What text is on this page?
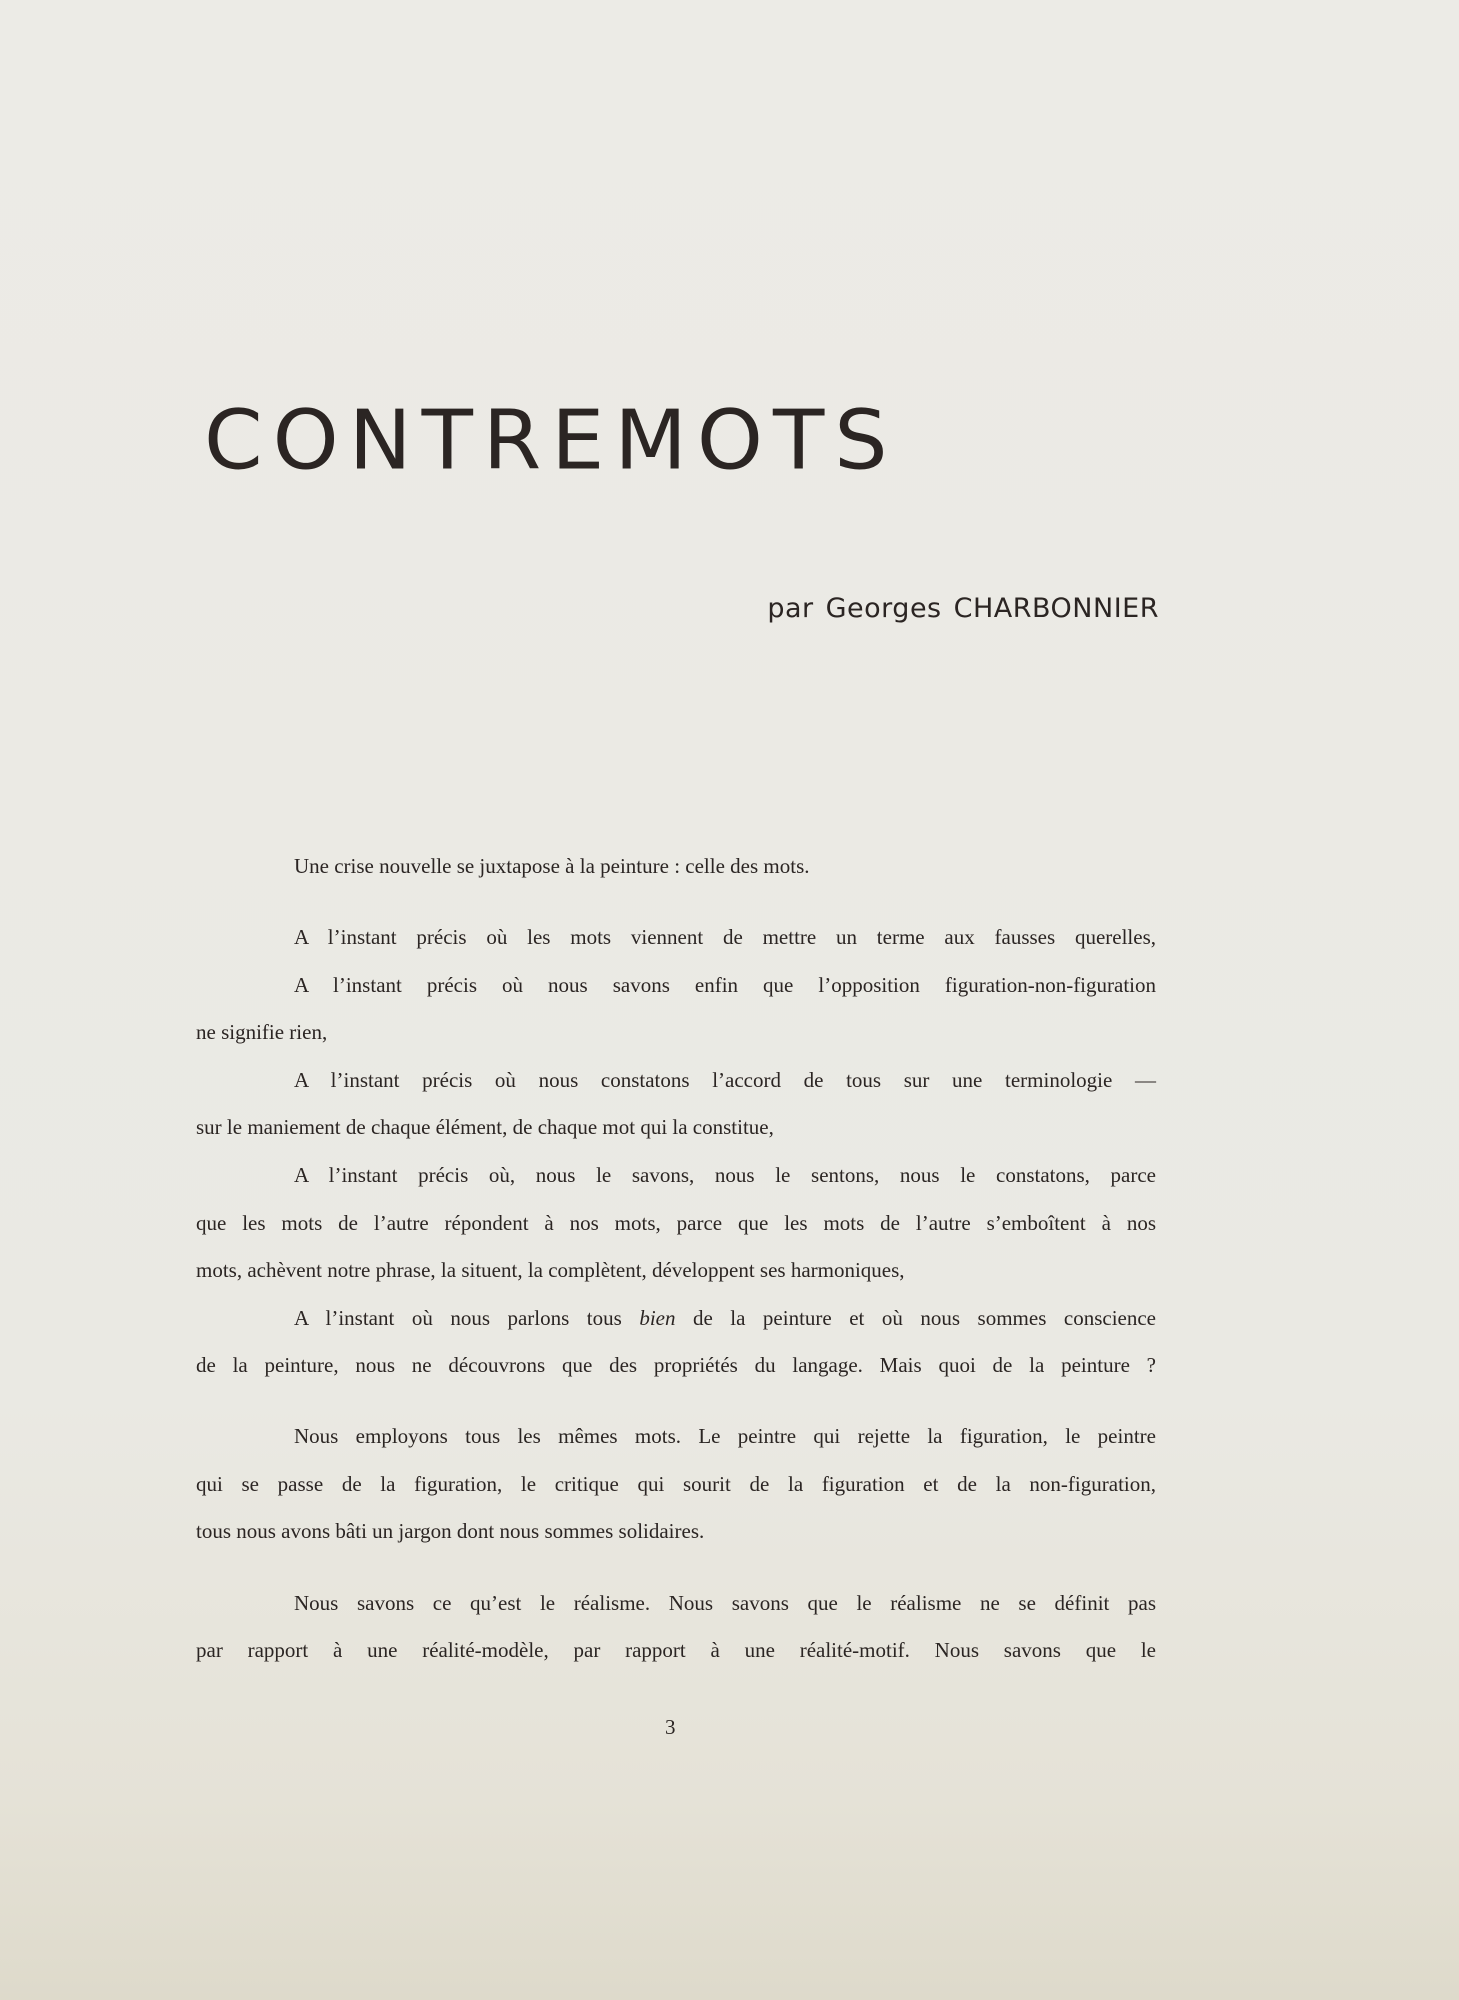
CONTREMOTS
par Georges CHARBONNIER
Une crise nouvelle se juxtapose à la peinture : celle des mots.
A l’instant précis où les mots viennent de mettre un terme aux fausses querelles,
A l’instant précis où nous savons enfin que l’opposition figuration-non-figuration
ne signifie rien,
A l’instant précis où nous constatons l’accord de tous sur une terminologie —
sur le maniement de chaque élément, de chaque mot qui la constitue,
A l’instant précis où, nous le savons, nous le sentons, nous le constatons, parce
que les mots de l’autre répondent à nos mots, parce que les mots de l’autre s’emboîtent à nos
mots, achèvent notre phrase, la situent, la complètent, développent ses harmoniques,
A l’instant où nous parlons tous bien de la peinture et où nous sommes conscience
de la peinture, nous ne découvrons que des propriétés du langage. Mais quoi de la peinture ?
Nous employons tous les mêmes mots. Le peintre qui rejette la figuration, le peintre
qui se passe de la figuration, le critique qui sourit de la figuration et de la non-figuration,
tous nous avons bâti un jargon dont nous sommes solidaires.
Nous savons ce qu’est le réalisme. Nous savons que le réalisme ne se définit pas
par rapport à une réalité-modèle, par rapport à une réalité-motif. Nous savons que le
3
